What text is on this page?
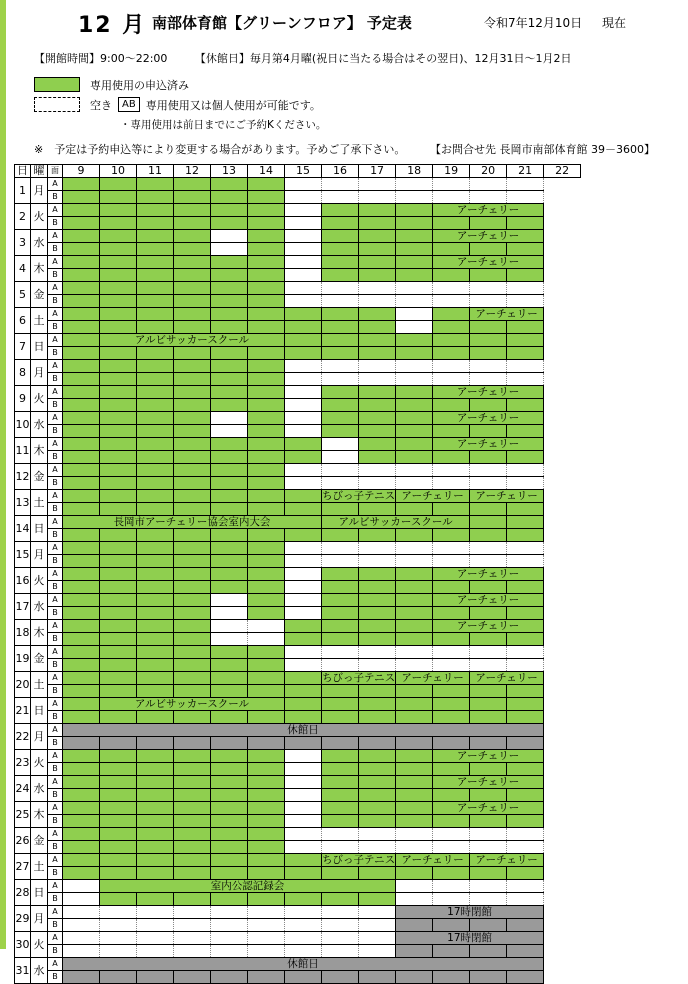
12 月 南部体育館【グリーンフロア】 予定表	令和7年12月10日 現在
【開館時間】9:00～22:00	【休館日】毎月第4月曜(祝日に当たる場合はその翌日)、12月31日～1月2日
専用使用の申込済み
空き	AB 専用使用又は個人使用が可能です。
・専用使用は前日までにご予約Kください。
※　予定は予約申込等により変更する場合があります。予めご了承下さい。 【お問合せ先 長岡市南部体育館 39－3600】
日	曜	面	9	10	11	12	13	14	15	16	17	18	19	20	21	22
1	月	A														
		B														
2	火	A											アーチェリー			
		B														
3	水	A											アーチェリー			
		B														
4	木	A											アーチェリー			
		B														
5	金	A														
		B														
6	土	A												アーチェリー		
		B														
7	日	A		アルビサッカースクール												
		B														
8	月	A														
		B														
9	火	A											アーチェリー			
		B														
10	水	A											アーチェリー			
		B														
11	木	A											アーチェリー			
		B														
12	金	A														
		B														
13	土	A								ちびっ子テニス		アーチェリー		アーチェリー		
		B														
14	日	A	長岡市アーチェリー協会室内大会							アルビサッカースクール						
		B														
15	月	A														
		B														
16	火	A											アーチェリー			
		B														
17	水	A											アーチェリー			
		B														
18	木	A											アーチェリー			
		B														
19	金	A														
		B														
20	土	A								ちびっ子テニス		アーチェリー		アーチェリー		
		B														
21	日	A		アルビサッカースクール												
		B														
22	月	A	休館日													
		B														
23	火	A											アーチェリー			
		B														
24	水	A											アーチェリー			
		B														
25	木	A											アーチェリー			
		B														
26	金	A														
		B														
27	土	A								ちびっ子テニス		アーチェリー		アーチェリー		
		B														
28	日	A		室内公認記録会												
		B														
29	月	A										17時閉館				
		B														
30	火	A										17時閉館				
		B														
31	水	A	休館日													
		B														
